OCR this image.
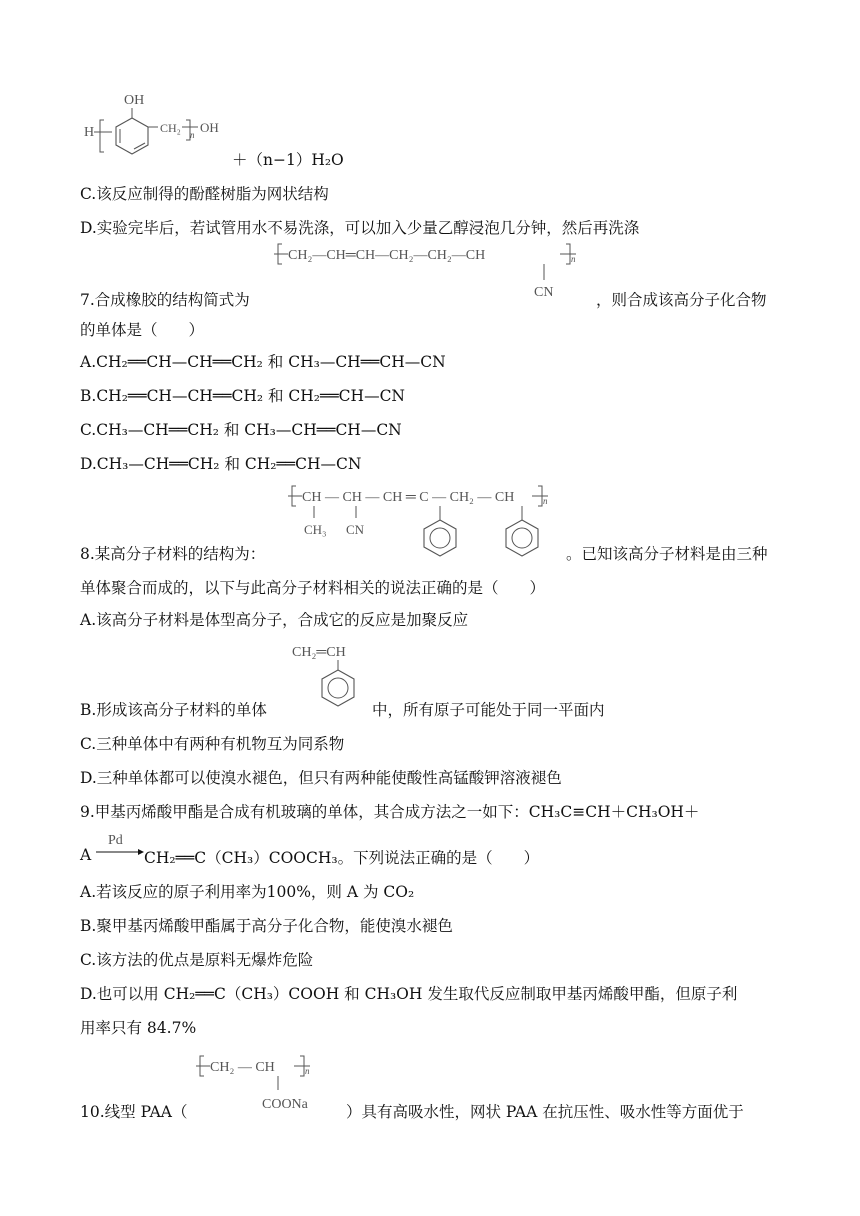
OH
H	CH₂ n OH
＋（n−1）H₂O
C.该反应制得的酚醛树脂为网状结构
D.实验完毕后，若试管用水不易洗涤，可以加入少量乙醇浸泡几分钟，然后再洗涤
CH₂—CH═CH—CH₂—CH₂—CH	n
CN
7.合成橡胶的结构简式为	，则合成该高分子化合物
的单体是（　　）
A.CH₂══CH—CH══CH₂ 和 CH₃—CH══CH—CN
B.CH₂══CH—CH══CH₂ 和 CH₂══CH—CN
C.CH₃—CH══CH₂ 和 CH₃—CH══CH—CN
D.CH₃—CH══CH₂ 和 CH₂══CH—CN
CH — CH — CH ═ C — CH₂ — CH	n
CH₃ CN
8.某高分子材料的结构为：	。已知该高分子材料是由三种
单体聚合而成的，以下与此高分子材料相关的说法正确的是（　　）
A.该高分子材料是体型高分子，合成它的反应是加聚反应
CH₂═CH
B.形成该高分子材料的单体	中，所有原子可能处于同一平面内
C.三种单体中有两种有机物互为同系物
D.三种单体都可以使溴水褪色，但只有两种能使酸性高锰酸钾溶液褪色
9.甲基丙烯酸甲酯是合成有机玻璃的单体，其合成方法之一如下：CH₃C≡CH＋CH₃OH＋
A
Pd
CH₂══C（CH₃）COOCH₃。下列说法正确的是（　　）
A.若该反应的原子利用率为100%，则 A 为 CO₂
B.聚甲基丙烯酸甲酯属于高分子化合物，能使溴水褪色
C.该方法的优点是原料无爆炸危险
D.也可以用 CH₂══C（CH₃）COOH 和 CH₃OH 发生取代反应制取甲基丙烯酸甲酯，但原子利
用率只有 84.7%
CH₂ — CH	n
COONa
10.线型 PAA（	）具有高吸水性，网状 PAA 在抗压性、吸水性等方面优于
